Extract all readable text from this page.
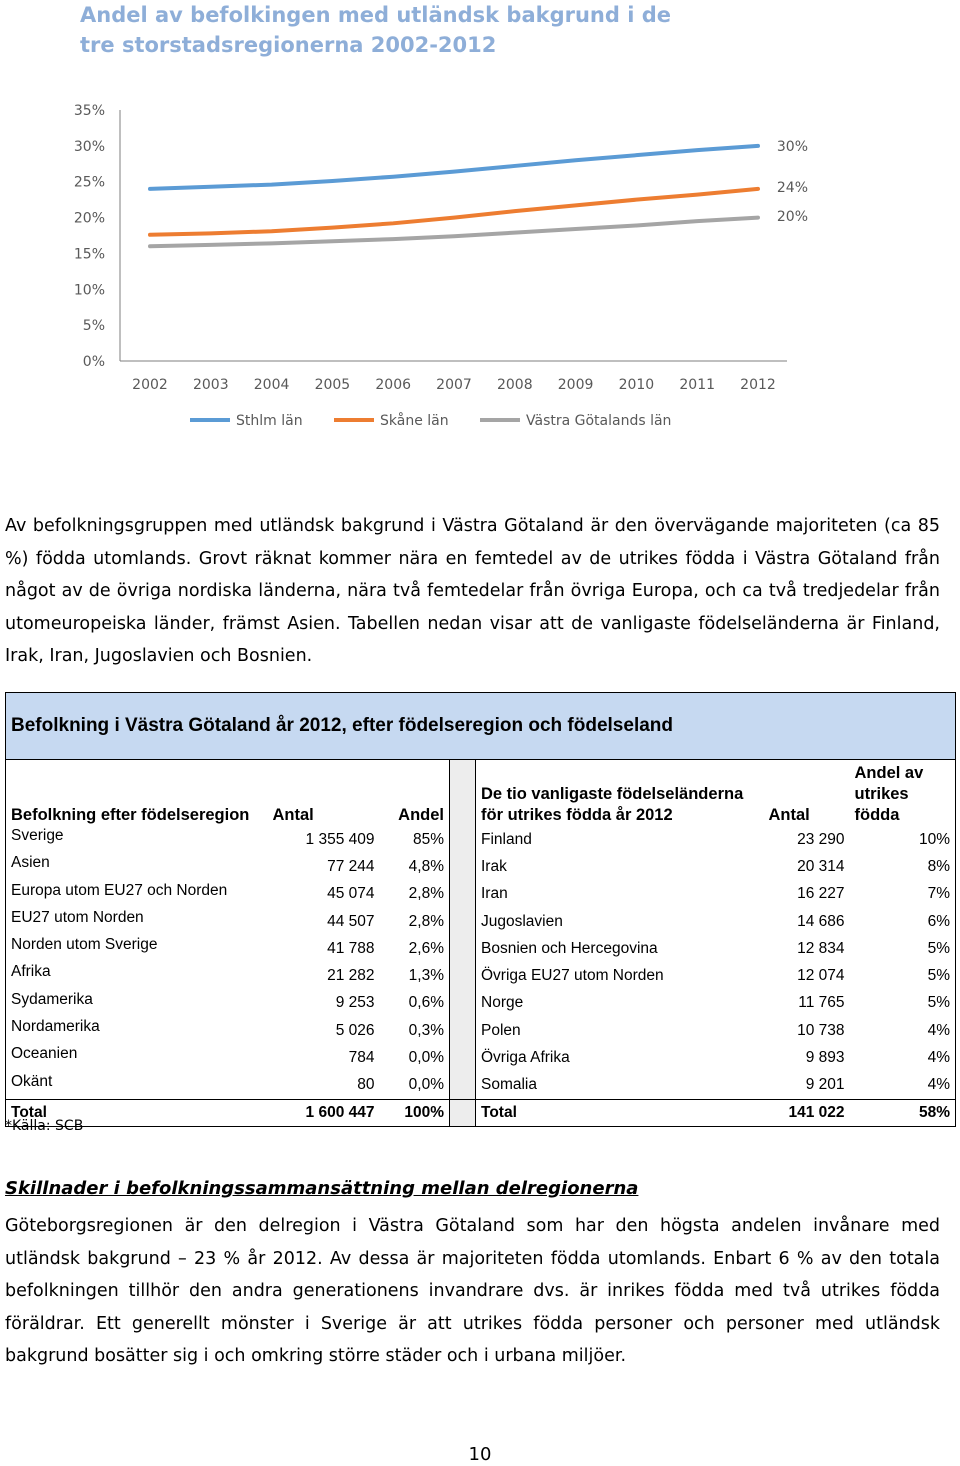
Andel av befolkingen med utländsk bakgrund i de tre storstadsregionerna 2002-2012
35%
30%
25%
20%
15%
10%
5%
0%
2002 2003 2004 2005 2006 2007 2008 2009 2010 2011 2012
30%
24%
20%
Sthlm län	Skåne län	Västra Götalands län

Av befolkningsgruppen med utländsk bakgrund i Västra Götaland är den övervägande majoriteten (ca 85 %) födda utomlands. Grovt räknat kommer nära en femtedel av de utrikes födda i Västra Götaland från något av de övriga nordiska länderna, nära två femtedelar från övriga Europa, och ca två tredjedelar från utomeuropeiska länder, främst Asien. Tabellen nedan visar att de vanligaste födelseländerna är Finland, Irak, Iran, Jugoslavien och Bosnien.

Befolkning i Västra Götaland år 2012, efter födelseregion och födelseland						
Befolkning efter födelseregion	Antal	Andel		De tio vanligaste födelseländerna för utrikes födda år 2012	Antal	Andel av utrikes födda
Sverige	1 355 409	85%		Finland	23 290	10%
Asien	77 244	4,8%		Irak	20 314	8%
Europa utom EU27 och Norden	45 074	2,8%		Iran	16 227	7%
EU27 utom Norden	44 507	2,8%		Jugoslavien	14 686	6%
Norden utom Sverige	41 788	2,6%		Bosnien och Hercegovina	12 834	5%
Afrika	21 282	1,3%		Övriga EU27 utom Norden	12 074	5%
Sydamerika	9 253	0,6%		Norge	11 765	5%
Nordamerika	5 026	0,3%		Polen	10 738	4%
Oceanien	784	0,0%		Övriga Afrika	9 893	4%
Okänt	80	0,0%		Somalia	9 201	4%
Total	1 600 447	100%		Total	141 022	58%
*Källa: SCB
Skillnader i befolkningssammansättning mellan delregionerna

Göteborgsregionen är den delregion i Västra Götaland som har den högsta andelen invånare med utländsk bakgrund – 23 % år 2012. Av dessa är majoriteten födda utomlands. Enbart 6 % av den totala befolkningen tillhör den andra generationens invandrare dvs. är inrikes födda med två utrikes födda föräldrar. Ett generellt mönster i Sverige är att utrikes födda personer och personer med utländsk bakgrund bosätter sig i och omkring större städer och i urbana miljöer.

10
